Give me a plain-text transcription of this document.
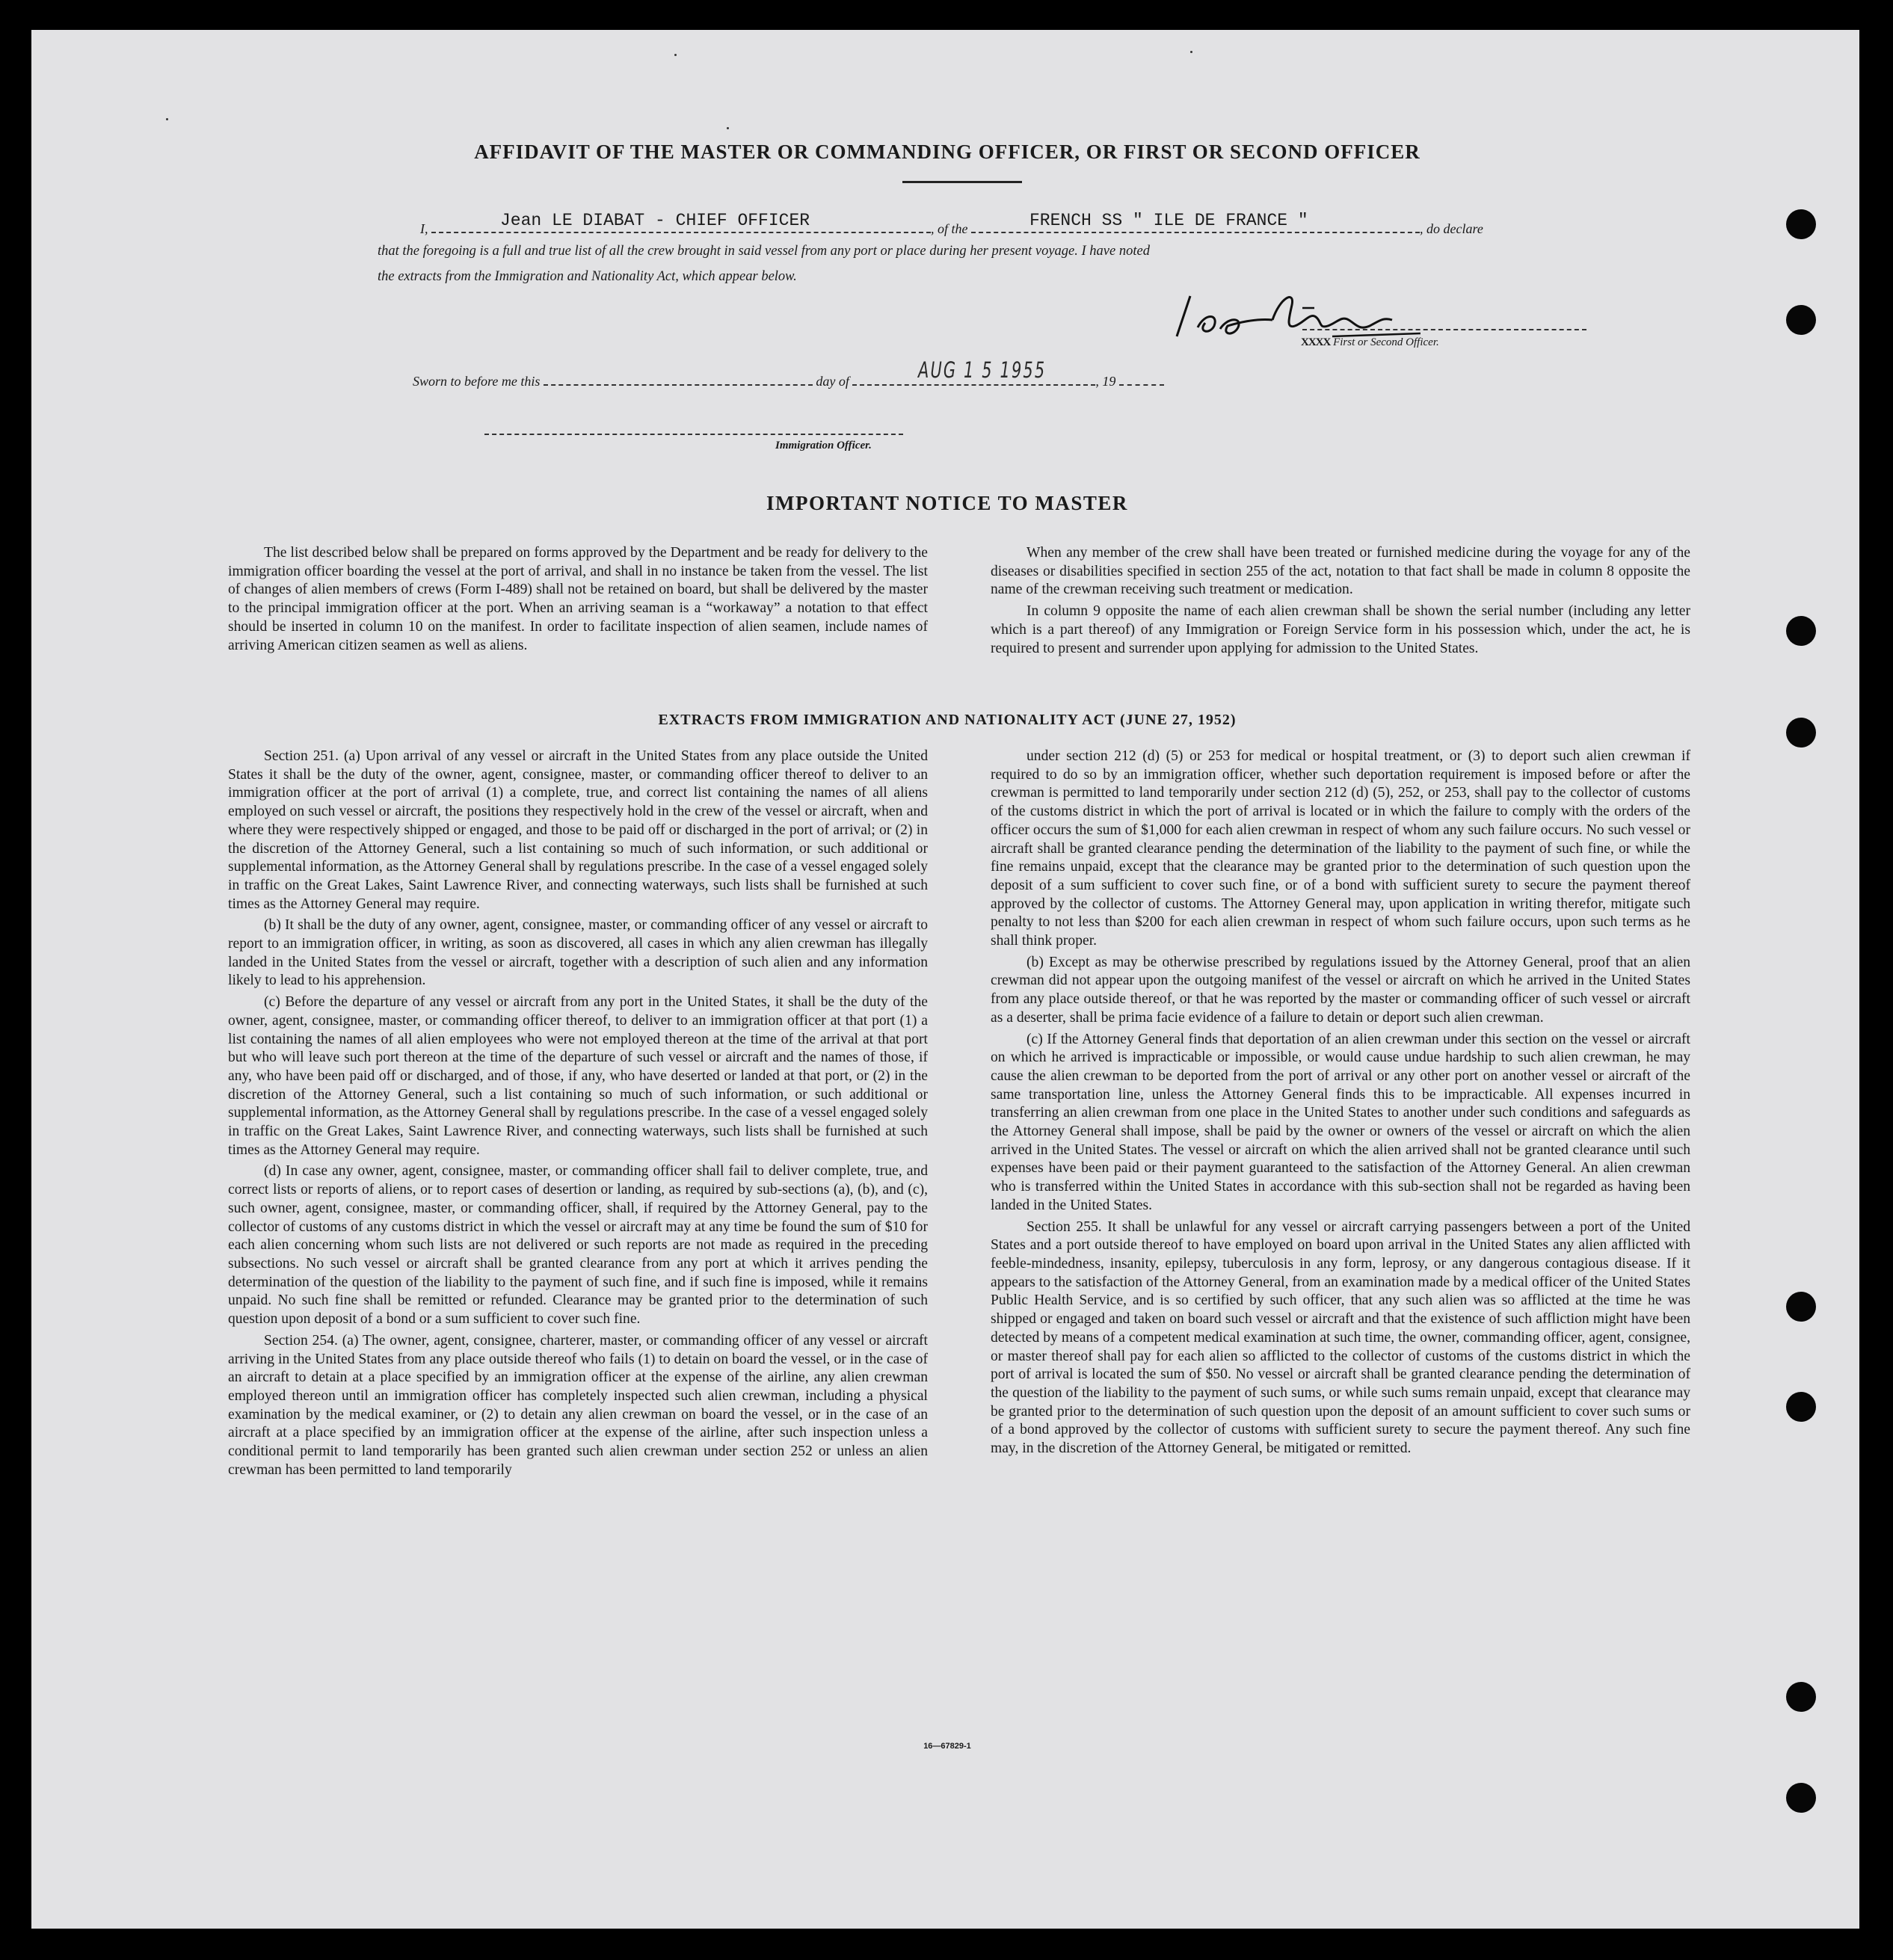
AFFIDAVIT OF THE MASTER OR COMMANDING OFFICER, OR FIRST OR SECOND OFFICER
I,	Jean LE DIABAT - CHIEF OFFICER	, of the	FRENCH SS " ILE DE FRANCE "	, do declare
that the foregoing is a full and true list of all the crew brought in said vessel from any port or place during her present voyage. I have noted
the extracts from the Immigration and Nationality Act, which appear below.
XXXX First or Second Officer.
Sworn to before me this	day of	AUG 1 5 1955	, 19
Immigration Officer.
IMPORTANT NOTICE TO MASTER

The list described below shall be prepared on forms approved by the Department and be ready for delivery to the immigration officer boarding the vessel at the port of arrival, and shall in no instance be taken from the vessel. The list of changes of alien members of crews (Form I-489) shall not be retained on board, but shall be delivered by the master to the principal immigration officer at the port. When an arriving seaman is a “workaway” a notation to that effect should be inserted in column 10 on the manifest. In order to facilitate inspection of alien seamen, include names of arriving American citizen seamen as well as aliens.

When any member of the crew shall have been treated or furnished medicine during the voyage for any of the diseases or disabilities specified in section 255 of the act, notation to that fact shall be made in column 8 opposite the name of the crewman receiving such treatment or medication.

In column 9 opposite the name of each alien crewman shall be shown the serial number (including any letter which is a part thereof) of any Immigration or Foreign Service form in his possession which, under the act, he is required to present and surrender upon applying for admission to the United States.

EXTRACTS FROM IMMIGRATION AND NATIONALITY ACT (JUNE 27, 1952)

Section 251. (a) Upon arrival of any vessel or aircraft in the United States from any place outside the United States it shall be the duty of the owner, agent, consignee, master, or commanding officer thereof to deliver to an immigration officer at the port of arrival (1) a complete, true, and correct list containing the names of all aliens employed on such vessel or aircraft, the positions they respectively hold in the crew of the vessel or aircraft, when and where they were respectively shipped or engaged, and those to be paid off or discharged in the port of arrival; or (2) in the discretion of the Attorney General, such a list containing so much of such information, or such additional or supplemental information, as the Attorney General shall by regulations prescribe. In the case of a vessel engaged solely in traffic on the Great Lakes, Saint Lawrence River, and connecting waterways, such lists shall be furnished at such times as the Attorney General may require.

(b) It shall be the duty of any owner, agent, consignee, master, or commanding officer of any vessel or aircraft to report to an immigration officer, in writing, as soon as discovered, all cases in which any alien crewman has illegally landed in the United States from the vessel or aircraft, together with a description of such alien and any information likely to lead to his apprehension.

(c) Before the departure of any vessel or aircraft from any port in the United States, it shall be the duty of the owner, agent, consignee, master, or commanding officer thereof, to deliver to an immigration officer at that port (1) a list containing the names of all alien employees who were not employed thereon at the time of the arrival at that port but who will leave such port thereon at the time of the departure of such vessel or aircraft and the names of those, if any, who have been paid off or discharged, and of those, if any, who have deserted or landed at that port, or (2) in the discretion of the Attorney General, such a list containing so much of such information, or such additional or supplemental information, as the Attorney General shall by regulations prescribe. In the case of a vessel engaged solely in traffic on the Great Lakes, Saint Lawrence River, and connecting waterways, such lists shall be furnished at such times as the Attorney General may require.

(d) In case any owner, agent, consignee, master, or commanding officer shall fail to deliver complete, true, and correct lists or reports of aliens, or to report cases of desertion or landing, as required by sub-sections (a), (b), and (c), such owner, agent, consignee, master, or commanding officer, shall, if required by the Attorney General, pay to the collector of customs of any customs district in which the vessel or aircraft may at any time be found the sum of $10 for each alien concerning whom such lists are not delivered or such reports are not made as required in the preceding subsections. No such vessel or aircraft shall be granted clearance from any port at which it arrives pending the determination of the question of the liability to the payment of such fine, and if such fine is imposed, while it remains unpaid. No such fine shall be remitted or refunded. Clearance may be granted prior to the determination of such question upon deposit of a bond or a sum sufficient to cover such fine.

Section 254. (a) The owner, agent, consignee, charterer, master, or commanding officer of any vessel or aircraft arriving in the United States from any place outside thereof who fails (1) to detain on board the vessel, or in the case of an aircraft to detain at a place specified by an immigration officer at the expense of the airline, any alien crewman employed thereon until an immigration officer has completely inspected such alien crewman, including a physical examination by the medical examiner, or (2) to detain any alien crewman on board the vessel, or in the case of an aircraft at a place specified by an immigration officer at the expense of the airline, after such inspection unless a conditional permit to land temporarily has been granted such alien crewman under section 252 or unless an alien crewman has been permitted to land temporarily

under section 212 (d) (5) or 253 for medical or hospital treatment, or (3) to deport such alien crewman if required to do so by an immigration officer, whether such deportation requirement is imposed before or after the crewman is permitted to land temporarily under section 212 (d) (5), 252, or 253, shall pay to the collector of customs of the customs district in which the port of arrival is located or in which the failure to comply with the orders of the officer occurs the sum of $1,000 for each alien crewman in respect of whom any such failure occurs. No such vessel or aircraft shall be granted clearance pending the determination of the liability to the payment of such fine, or while the fine remains unpaid, except that the clearance may be granted prior to the determination of such question upon the deposit of a sum sufficient to cover such fine, or of a bond with sufficient surety to secure the payment thereof approved by the collector of customs. The Attorney General may, upon application in writing therefor, mitigate such penalty to not less than $200 for each alien crewman in respect of whom such failure occurs, upon such terms as he shall think proper.

(b) Except as may be otherwise prescribed by regulations issued by the Attorney General, proof that an alien crewman did not appear upon the outgoing manifest of the vessel or aircraft on which he arrived in the United States from any place outside thereof, or that he was reported by the master or commanding officer of such vessel or aircraft as a deserter, shall be prima facie evidence of a failure to detain or deport such alien crewman.

(c) If the Attorney General finds that deportation of an alien crewman under this section on the vessel or aircraft on which he arrived is impracticable or impossible, or would cause undue hardship to such alien crewman, he may cause the alien crewman to be deported from the port of arrival or any other port on another vessel or aircraft of the same transportation line, unless the Attorney General finds this to be impracticable. All expenses incurred in transferring an alien crewman from one place in the United States to another under such conditions and safeguards as the Attorney General shall impose, shall be paid by the owner or owners of the vessel or aircraft on which the alien arrived in the United States. The vessel or aircraft on which the alien arrived shall not be granted clearance until such expenses have been paid or their payment guaranteed to the satisfaction of the Attorney General. An alien crewman who is transferred within the United States in accordance with this sub-section shall not be regarded as having been landed in the United States.

Section 255. It shall be unlawful for any vessel or aircraft carrying passengers between a port of the United States and a port outside thereof to have employed on board upon arrival in the United States any alien afflicted with feeble-mindedness, insanity, epilepsy, tuberculosis in any form, leprosy, or any dangerous contagious disease. If it appears to the satisfaction of the Attorney General, from an examination made by a medical officer of the United States Public Health Service, and is so certified by such officer, that any such alien was so afflicted at the time he was shipped or engaged and taken on board such vessel or aircraft and that the existence of such affliction might have been detected by means of a competent medical examination at such time, the owner, commanding officer, agent, consignee, or master thereof shall pay for each alien so afflicted to the collector of customs of the customs district in which the port of arrival is located the sum of $50. No vessel or aircraft shall be granted clearance pending the determination of the question of the liability to the payment of such sums, or while such sums remain unpaid, except that clearance may be granted prior to the determination of such question upon the deposit of an amount sufficient to cover such sums or of a bond approved by the collector of customs with sufficient surety to secure the payment thereof. Any such fine may, in the discretion of the Attorney General, be mitigated or remitted.

16—67829-1
